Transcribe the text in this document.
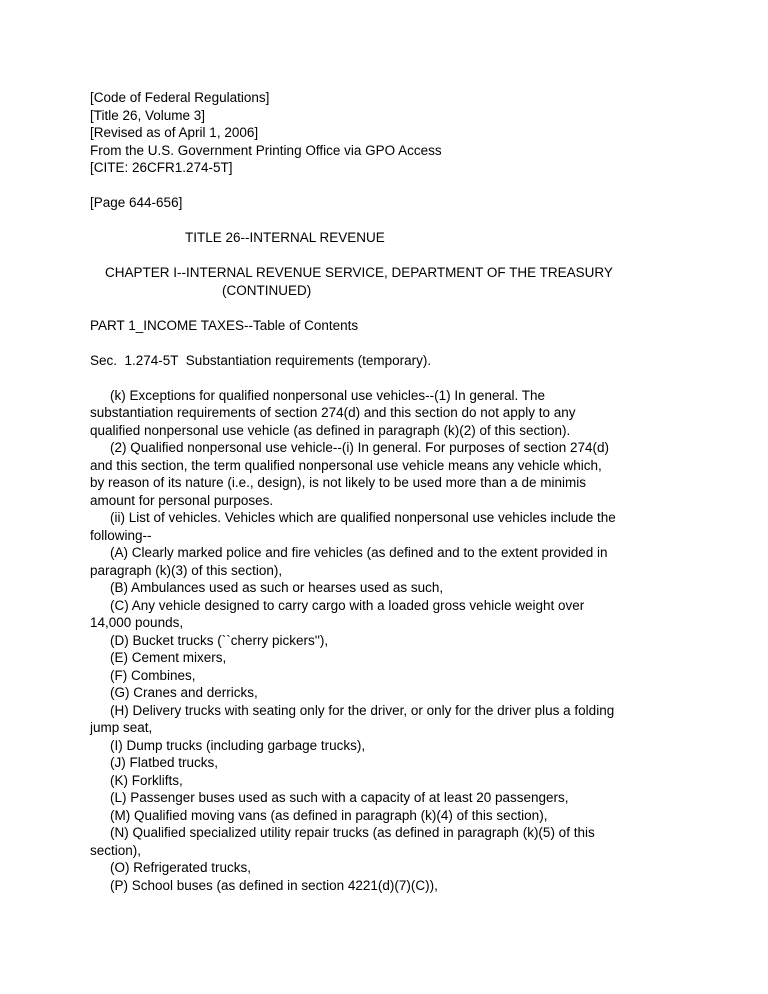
[Code of Federal Regulations]
[Title 26, Volume 3]
[Revised as of April 1, 2006]
From the U.S. Government Printing Office via GPO Access
[CITE: 26CFR1.274-5T]

[Page 644-656]

TITLE 26--INTERNAL REVENUE

CHAPTER I--INTERNAL REVENUE SERVICE, DEPARTMENT OF THE TREASURY
(CONTINUED)

PART 1_INCOME TAXES--Table of Contents

Sec.  1.274-5T  Substantiation requirements (temporary).

(k) Exceptions for qualified nonpersonal use vehicles--(1) In general. The
substantiation requirements of section 274(d) and this section do not apply to any
qualified nonpersonal use vehicle (as defined in paragraph (k)(2) of this section).
(2) Qualified nonpersonal use vehicle--(i) In general. For purposes of section 274(d)
and this section, the term qualified nonpersonal use vehicle means any vehicle which,
by reason of its nature (i.e., design), is not likely to be used more than a de minimis
amount for personal purposes.
(ii) List of vehicles. Vehicles which are qualified nonpersonal use vehicles include the
following--
(A) Clearly marked police and fire vehicles (as defined and to the extent provided in
paragraph (k)(3) of this section),
(B) Ambulances used as such or hearses used as such,
(C) Any vehicle designed to carry cargo with a loaded gross vehicle weight over
14,000 pounds,
(D) Bucket trucks (``cherry pickers''),
(E) Cement mixers,
(F) Combines,
(G) Cranes and derricks,
(H) Delivery trucks with seating only for the driver, or only for the driver plus a folding
jump seat,
(I) Dump trucks (including garbage trucks),
(J) Flatbed trucks,
(K) Forklifts,
(L) Passenger buses used as such with a capacity of at least 20 passengers,
(M) Qualified moving vans (as defined in paragraph (k)(4) of this section),
(N) Qualified specialized utility repair trucks (as defined in paragraph (k)(5) of this
section),
(O) Refrigerated trucks,
(P) School buses (as defined in section 4221(d)(7)(C)),
